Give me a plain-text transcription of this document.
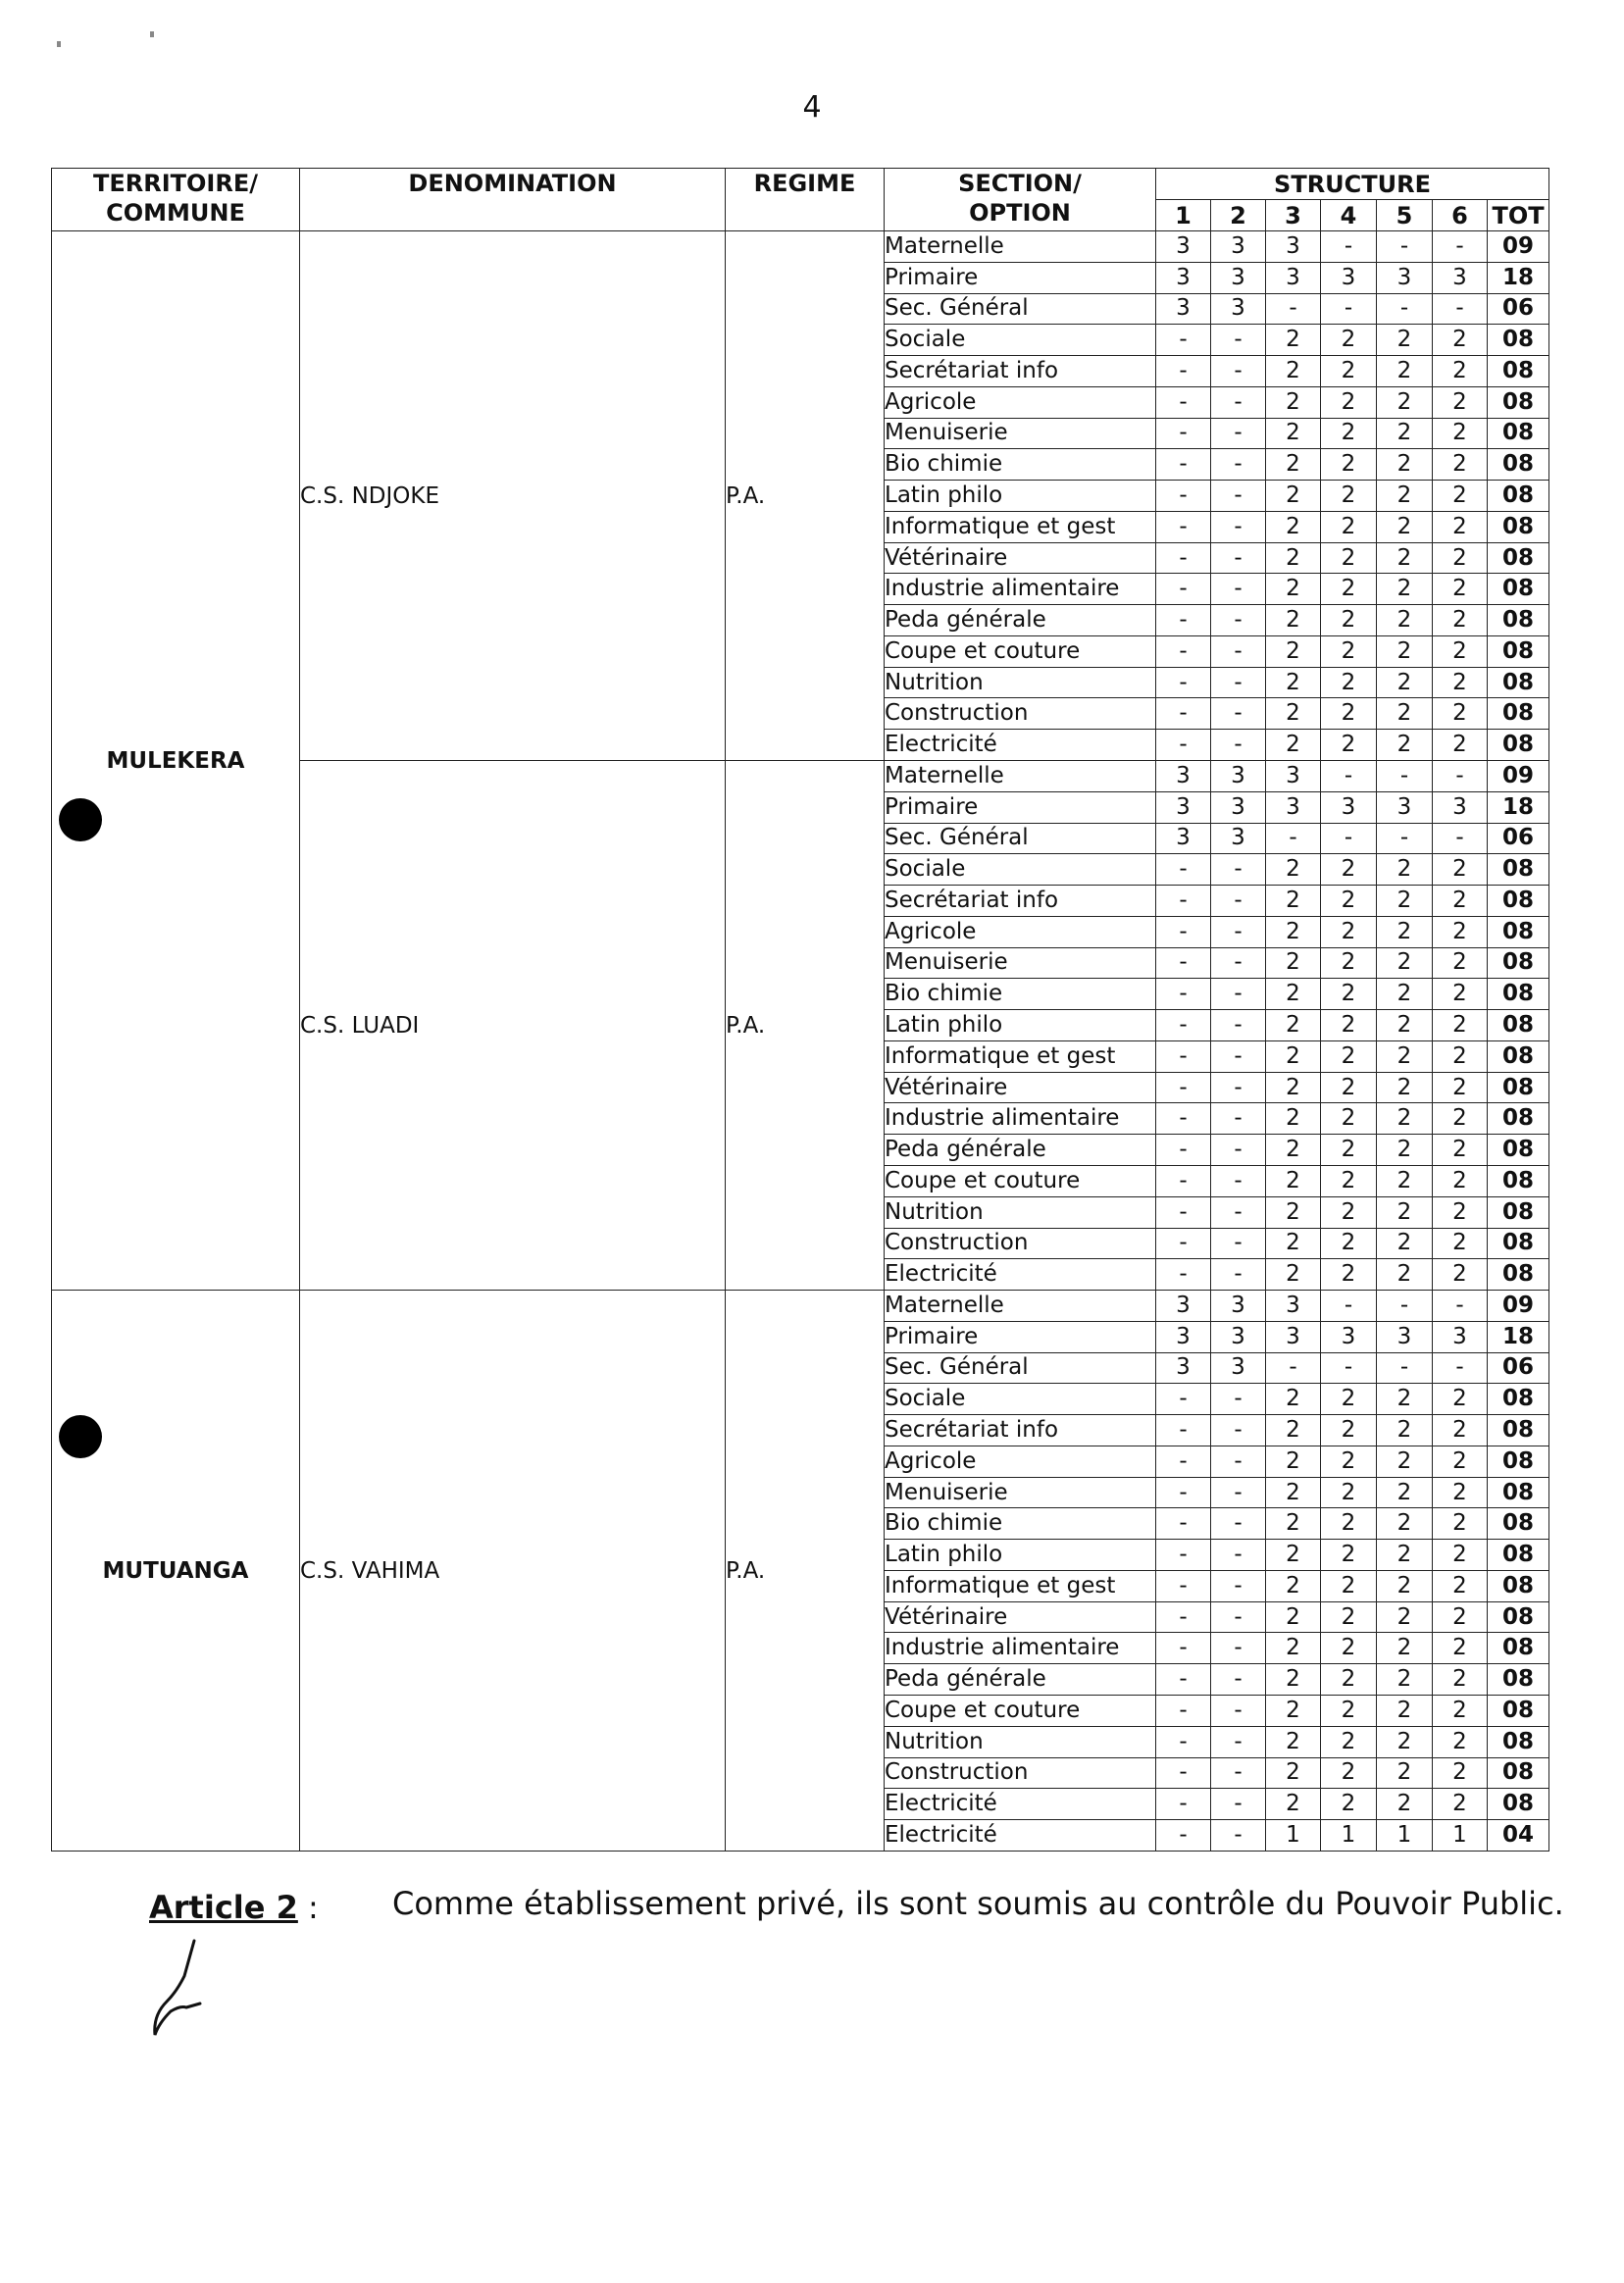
4
TERRITOIRE/
COMMUNE	DENOMINATION	REGIME	SECTION/
OPTION	STRUCTURE						
				1	2	3	4	5	6	TOT
MULEKERA	C.S. NDJOKE	P.A.	Maternelle	3	3	3	-	-	-	09
			Primaire	3	3	3	3	3	3	18
			Sec. Général	3	3	-	-	-	-	06
			Sociale	-	-	2	2	2	2	08
			Secrétariat info	-	-	2	2	2	2	08
			Agricole	-	-	2	2	2	2	08
			Menuiserie	-	-	2	2	2	2	08
			Bio chimie	-	-	2	2	2	2	08
			Latin philo	-	-	2	2	2	2	08
			Informatique et gest	-	-	2	2	2	2	08
			Vétérinaire	-	-	2	2	2	2	08
			Industrie alimentaire	-	-	2	2	2	2	08
			Peda générale	-	-	2	2	2	2	08
			Coupe et couture	-	-	2	2	2	2	08
			Nutrition	-	-	2	2	2	2	08
			Construction	-	-	2	2	2	2	08
			Electricité	-	-	2	2	2	2	08
	C.S. LUADI	P.A.	Maternelle	3	3	3	-	-	-	09
			Primaire	3	3	3	3	3	3	18
			Sec. Général	3	3	-	-	-	-	06
			Sociale	-	-	2	2	2	2	08
			Secrétariat info	-	-	2	2	2	2	08
			Agricole	-	-	2	2	2	2	08
			Menuiserie	-	-	2	2	2	2	08
			Bio chimie	-	-	2	2	2	2	08
			Latin philo	-	-	2	2	2	2	08
			Informatique et gest	-	-	2	2	2	2	08
			Vétérinaire	-	-	2	2	2	2	08
			Industrie alimentaire	-	-	2	2	2	2	08
			Peda générale	-	-	2	2	2	2	08
			Coupe et couture	-	-	2	2	2	2	08
			Nutrition	-	-	2	2	2	2	08
			Construction	-	-	2	2	2	2	08
			Electricité	-	-	2	2	2	2	08
MUTUANGA	C.S. VAHIMA	P.A.	Maternelle	3	3	3	-	-	-	09
			Primaire	3	3	3	3	3	3	18
			Sec. Général	3	3	-	-	-	-	06
			Sociale	-	-	2	2	2	2	08
			Secrétariat info	-	-	2	2	2	2	08
			Agricole	-	-	2	2	2	2	08
			Menuiserie	-	-	2	2	2	2	08
			Bio chimie	-	-	2	2	2	2	08
			Latin philo	-	-	2	2	2	2	08
			Informatique et gest	-	-	2	2	2	2	08
			Vétérinaire	-	-	2	2	2	2	08
			Industrie alimentaire	-	-	2	2	2	2	08
			Peda générale	-	-	2	2	2	2	08
			Coupe et couture	-	-	2	2	2	2	08
			Nutrition	-	-	2	2	2	2	08
			Construction	-	-	2	2	2	2	08
			Electricité	-	-	2	2	2	2	08
			Electricité	-	-	1	1	1	1	04
Article 2 : Comme établissement privé, ils sont soumis au contrôle du Pouvoir Public.
